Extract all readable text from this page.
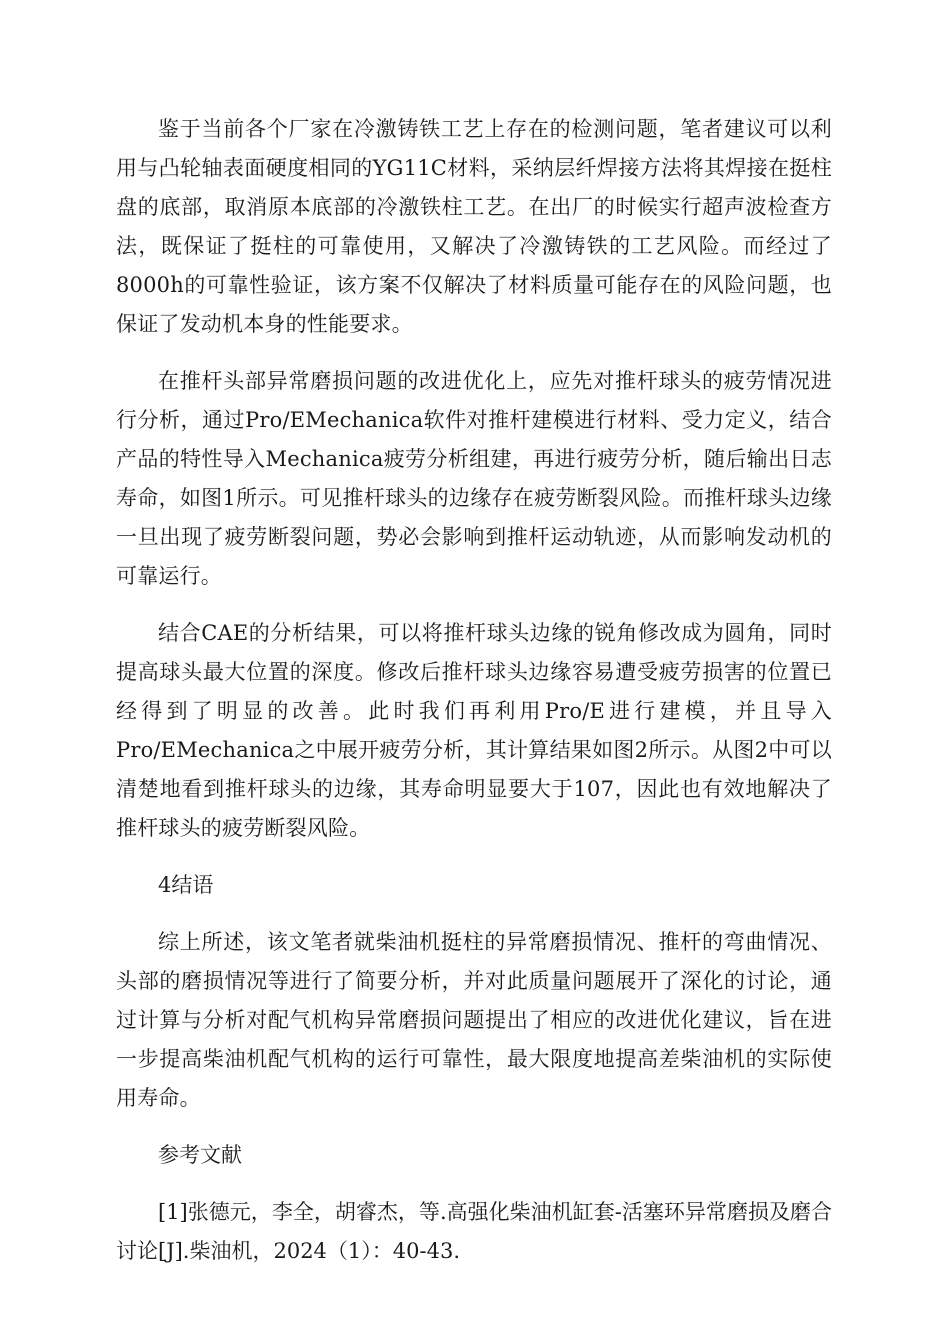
鉴于当前各个厂家在冷激铸铁工艺上存在的检测问题，笔者建议可以利用与凸轮轴表面硬度相同的YG11C材料，采纳层纤焊接方法将其焊接在挺柱盘的底部，取消原本底部的冷激铁柱工艺。在出厂的时候实行超声波检查方法，既保证了挺柱的可靠使用，又解决了冷激铸铁的工艺风险。而经过了8000h的可靠性验证，该方案不仅解决了材料质量可能存在的风险问题，也保证了发动机本身的性能要求。

在推杆头部异常磨损问题的改进优化上，应先对推杆球头的疲劳情况进行分析，通过Pro/EMechanica软件对推杆建模进行材料、受力定义，结合产品的特性导入Mechanica疲劳分析组建，再进行疲劳分析，随后输出日志寿命，如图1所示。可见推杆球头的边缘存在疲劳断裂风险。而推杆球头边缘一旦出现了疲劳断裂问题，势必会影响到推杆运动轨迹，从而影响发动机的可靠运行。

结合CAE的分析结果，可以将推杆球头边缘的锐角修改成为圆角，同时提高球头最大位置的深度。修改后推杆球头边缘容易遭受疲劳损害的位置已经得到了明显的改善。此时我们再利用Pro/E进行建模，并且导入Pro/EMechanica之中展开疲劳分析，其计算结果如图2所示。从图2中可以清楚地看到推杆球头的边缘，其寿命明显要大于107，因此也有效地解决了推杆球头的疲劳断裂风险。

4结语

综上所述，该文笔者就柴油机挺柱的异常磨损情况、推杆的弯曲情况、头部的磨损情况等进行了简要分析，并对此质量问题展开了深化的讨论，通过计算与分析对配气机构异常磨损问题提出了相应的改进优化建议，旨在进一步提高柴油机配气机构的运行可靠性，最大限度地提高差柴油机的实际使用寿命。

参考文献

[1]张德元，李全，胡睿杰，等.高强化柴油机缸套-活塞环异常磨损及磨合讨论[J].柴油机，2024（1）：40-43.
